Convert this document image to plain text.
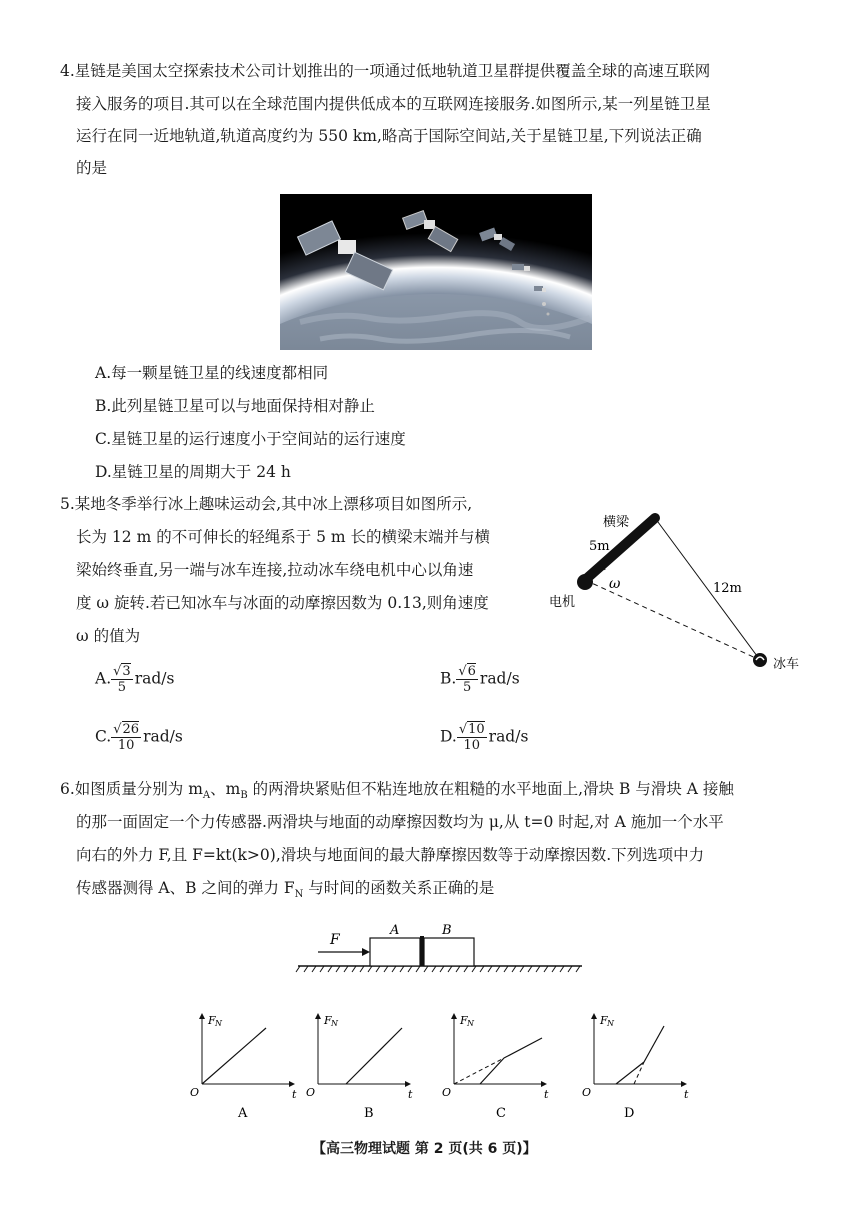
4.星链是美国太空探索技术公司计划推出的一项通过低地轨道卫星群提供覆盖全球的高速互联网
接入服务的项目.其可以在全球范围内提供低成本的互联网连接服务.如图所示,某一列星链卫星
运行在同一近地轨道,轨道高度约为 550 km,略高于国际空间站,关于星链卫星,下列说法正确
的是
A.每一颗星链卫星的线速度都相同
B.此列星链卫星可以与地面保持相对静止
C.星链卫星的运行速度小于空间站的运行速度
D.星链卫星的周期大于 24 h
5.某地冬季举行冰上趣味运动会,其中冰上漂移项目如图所示,
长为 12 m 的不可伸长的轻绳系于 5 m 长的横梁末端并与横
梁始终垂直,另一端与冰车连接,拉动冰车绕电机中心以角速
度 ω 旋转.若已知冰车与冰面的动摩擦因数为 0.13,则角速度
ω 的值为
横梁
5m
12m
ω
电机
冰车
A. $\frac{√3}{5} rad/s$	B. $\frac{√6}{5} rad/s$
C. $\frac{√26}{10} rad/s$	D. $\frac{√10}{10} rad/s$
6.如图质量分别为 $m_A$、$m_B$ 的两滑块紧贴但不粘连地放在粗糙的水平地面上,滑块 B 与滑块 A 接触
的那一面固定一个力传感器.两滑块与地面的动摩擦因数均为 μ,从 t=0 时起,对 A 施加一个水平
向右的外力 F,且 F=kt(k>0),滑块与地面间的最大静摩擦因数等于动摩擦因数.下列选项中力
传感器测得 A、B 之间的弹力 $F_N$ 与时间的函数关系正确的是
F
A	B
F N	F N	F N	F N
t	t	t	t
O	O	O	O
A	B	C	D
【高三物理试题 第 2 页(共 6 页)】
